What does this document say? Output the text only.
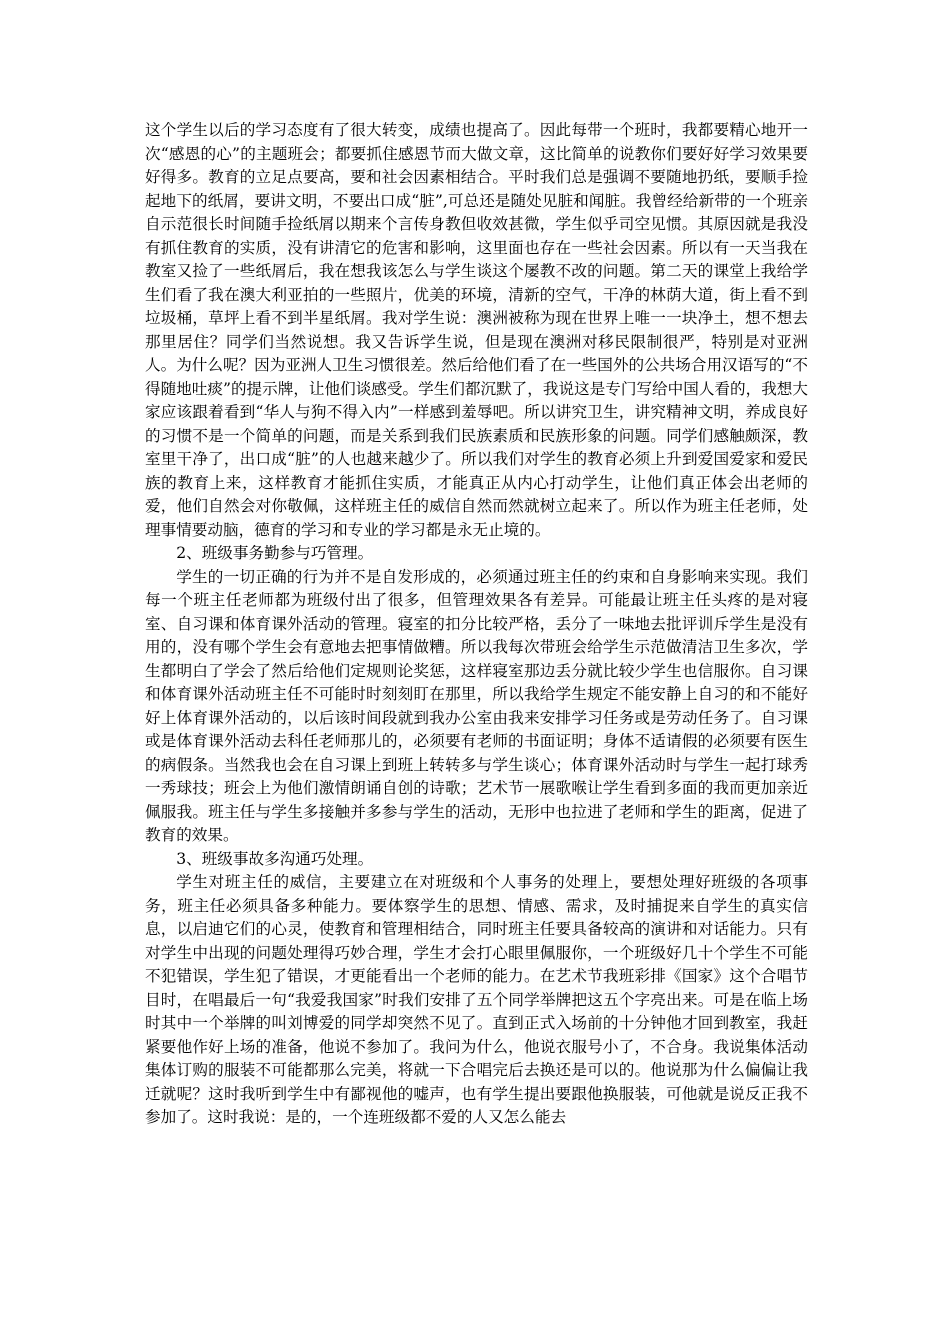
这个学生以后的学习态度有了很大转变，成绩也提高了。因此每带一个班时，我都要精心地开一次“感恩的心”的主题班会；都要抓住感恩节而大做文章，这比简单的说教你们要好好学习效果要好得多。教育的立足点要高，要和社会因素相结合。平时我们总是强调不要随地扔纸，要顺手捡起地下的纸屑，要讲文明，不要出口成“脏”,可总还是随处见脏和闻脏。我曾经给新带的一个班亲自示范很长时间随手捡纸屑以期来个言传身教但收效甚微，学生似乎司空见惯。其原因就是我没有抓住教育的实质，没有讲清它的危害和影响，这里面也存在一些社会因素。所以有一天当我在教室又捡了一些纸屑后，我在想我该怎么与学生谈这个屡教不改的问题。第二天的课堂上我给学生们看了我在澳大利亚拍的一些照片，优美的环境，清新的空气，干净的林荫大道，街上看不到垃圾桶，草坪上看不到半星纸屑。我对学生说：澳洲被称为现在世界上唯一一块净土，想不想去那里居住？同学们当然说想。我又告诉学生说，但是现在澳洲对移民限制很严，特别是对亚洲人。为什么呢？因为亚洲人卫生习惯很差。然后给他们看了在一些国外的公共场合用汉语写的“不得随地吐痰”的提示牌，让他们谈感受。学生们都沉默了，我说这是专门写给中国人看的，我想大家应该跟着看到“华人与狗不得入内”一样感到羞辱吧。所以讲究卫生，讲究精神文明，养成良好的习惯不是一个简单的问题，而是关系到我们民族素质和民族形象的问题。同学们感触颇深，教室里干净了，出口成“脏”的人也越来越少了。所以我们对学生的教育必须上升到爱国爱家和爱民族的教育上来，这样教育才能抓住实质，才能真正从内心打动学生，让他们真正体会出老师的爱，他们自然会对你敬佩，这样班主任的威信自然而然就树立起来了。所以作为班主任老师，处理事情要动脑，德育的学习和专业的学习都是永无止境的。

2、班级事务勤参与巧管理。

学生的一切正确的行为并不是自发形成的，必须通过班主任的约束和自身影响来实现。我们每一个班主任老师都为班级付出了很多，但管理效果各有差异。可能最让班主任头疼的是对寝室、自习课和体育课外活动的管理。寝室的扣分比较严格，丢分了一味地去批评训斥学生是没有用的，没有哪个学生会有意地去把事情做糟。所以我每次带班会给学生示范做清洁卫生多次，学生都明白了学会了然后给他们定规则论奖惩，这样寝室那边丢分就比较少学生也信服你。自习课和体育课外活动班主任不可能时时刻刻盯在那里，所以我给学生规定不能安静上自习的和不能好好上体育课外活动的，以后该时间段就到我办公室由我来安排学习任务或是劳动任务了。自习课或是体育课外活动去科任老师那儿的，必须要有老师的书面证明；身体不适请假的必须要有医生的病假条。当然我也会在自习课上到班上转转多与学生谈心；体育课外活动时与学生一起打球秀一秀球技；班会上为他们激情朗诵自创的诗歌；艺术节一展歌喉让学生看到多面的我而更加亲近佩服我。班主任与学生多接触并多参与学生的活动，无形中也拉进了老师和学生的距离，促进了教育的效果。

3、班级事故多沟通巧处理。

学生对班主任的威信，主要建立在对班级和个人事务的处理上，要想处理好班级的各项事务，班主任必须具备多种能力。要体察学生的思想、情感、需求，及时捕捉来自学生的真实信息，以启迪它们的心灵，使教育和管理相结合，同时班主任要具备较高的演讲和对话能力。只有对学生中出现的问题处理得巧妙合理，学生才会打心眼里佩服你，一个班级好几十个学生不可能不犯错误，学生犯了错误，才更能看出一个老师的能力。在艺术节我班彩排《国家》这个合唱节目时，在唱最后一句“我爱我国家”时我们安排了五个同学举牌把这五个字亮出来。可是在临上场时其中一个举牌的叫刘博爱的同学却突然不见了。直到正式入场前的十分钟他才回到教室，我赶紧要他作好上场的准备，他说不参加了。我问为什么，他说衣服号小了，不合身。我说集体活动集体订购的服装不可能都那么完美，将就一下合唱完后去换还是可以的。他说那为什么偏偏让我迁就呢？这时我听到学生中有鄙视他的嘘声，也有学生提出要跟他换服装，可他就是说反正我不参加了。这时我说：是的，一个连班级都不爱的人又怎么能去
